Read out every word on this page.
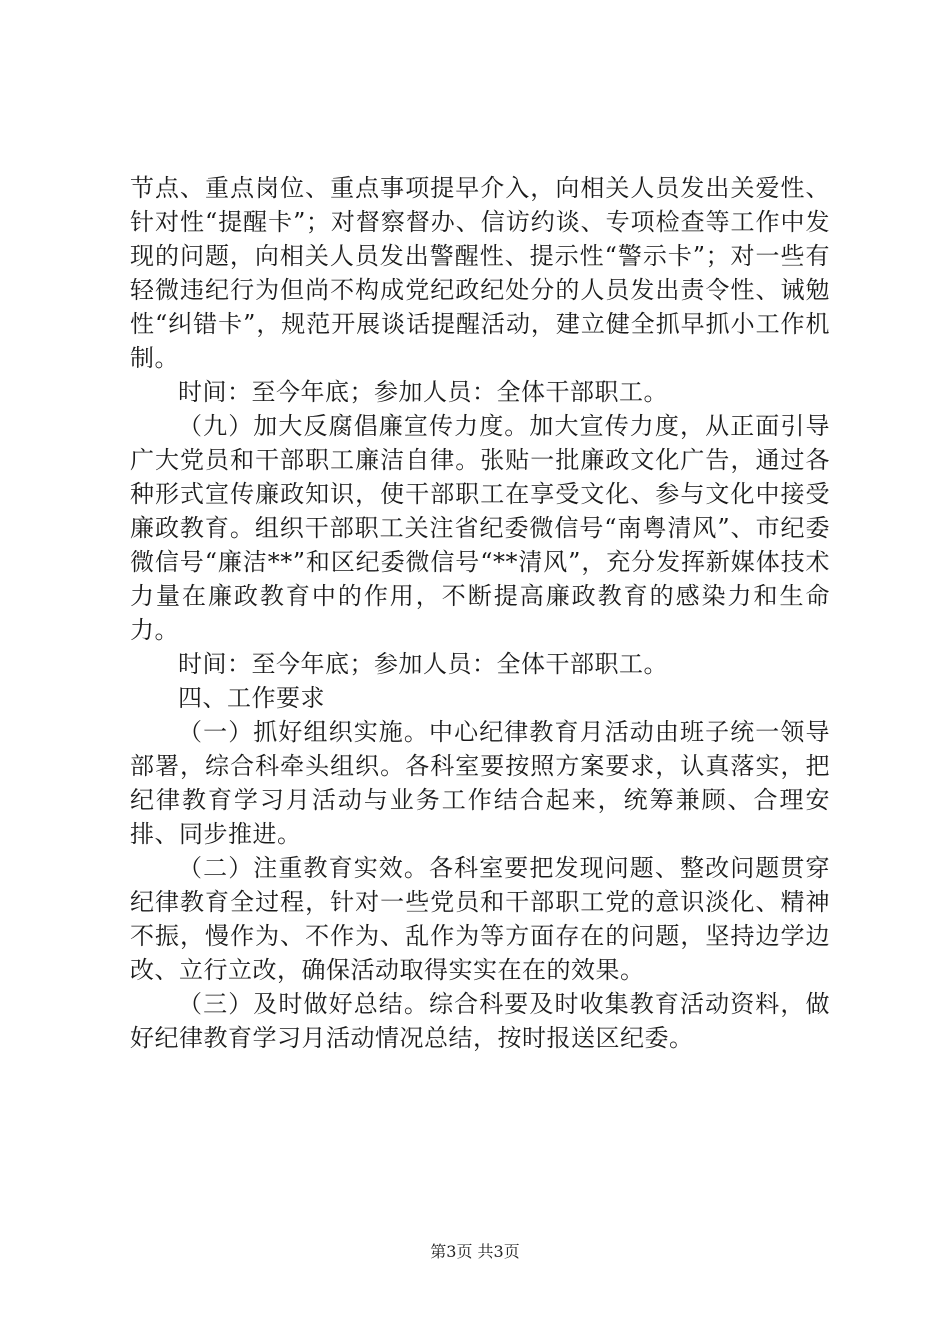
节点、重点岗位、重点事项提早介入，向相关人员发出关爱性、针对性“提醒卡”；对督察督办、信访约谈、专项检查等工作中发现的问题，向相关人员发出警醒性、提示性“警示卡”；对一些有轻微违纪行为但尚不构成党纪政纪处分的人员发出责令性、诫勉性“纠错卡”，规范开展谈话提醒活动，建立健全抓早抓小工作机制。

时间：至今年底；参加人员：全体干部职工。

（九）加大反腐倡廉宣传力度。加大宣传力度，从正面引导广大党员和干部职工廉洁自律。张贴一批廉政文化广告，通过各种形式宣传廉政知识，使干部职工在享受文化、参与文化中接受廉政教育。组织干部职工关注省纪委微信号“南粤清风”、市纪委微信号“廉洁**”和区纪委微信号“**清风”，充分发挥新媒体技术力量在廉政教育中的作用，不断提高廉政教育的感染力和生命力。

时间：至今年底；参加人员：全体干部职工。

四、工作要求

（一）抓好组织实施。中心纪律教育月活动由班子统一领导部署，综合科牵头组织。各科室要按照方案要求，认真落实，把纪律教育学习月活动与业务工作结合起来，统筹兼顾、合理安排、同步推进。

（二）注重教育实效。各科室要把发现问题、整改问题贯穿纪律教育全过程，针对一些党员和干部职工党的意识淡化、精神不振，慢作为、不作为、乱作为等方面存在的问题，坚持边学边改、立行立改，确保活动取得实实在在的效果。

（三）及时做好总结。综合科要及时收集教育活动资料，做好纪律教育学习月活动情况总结，按时报送区纪委。

第3页 共3页
